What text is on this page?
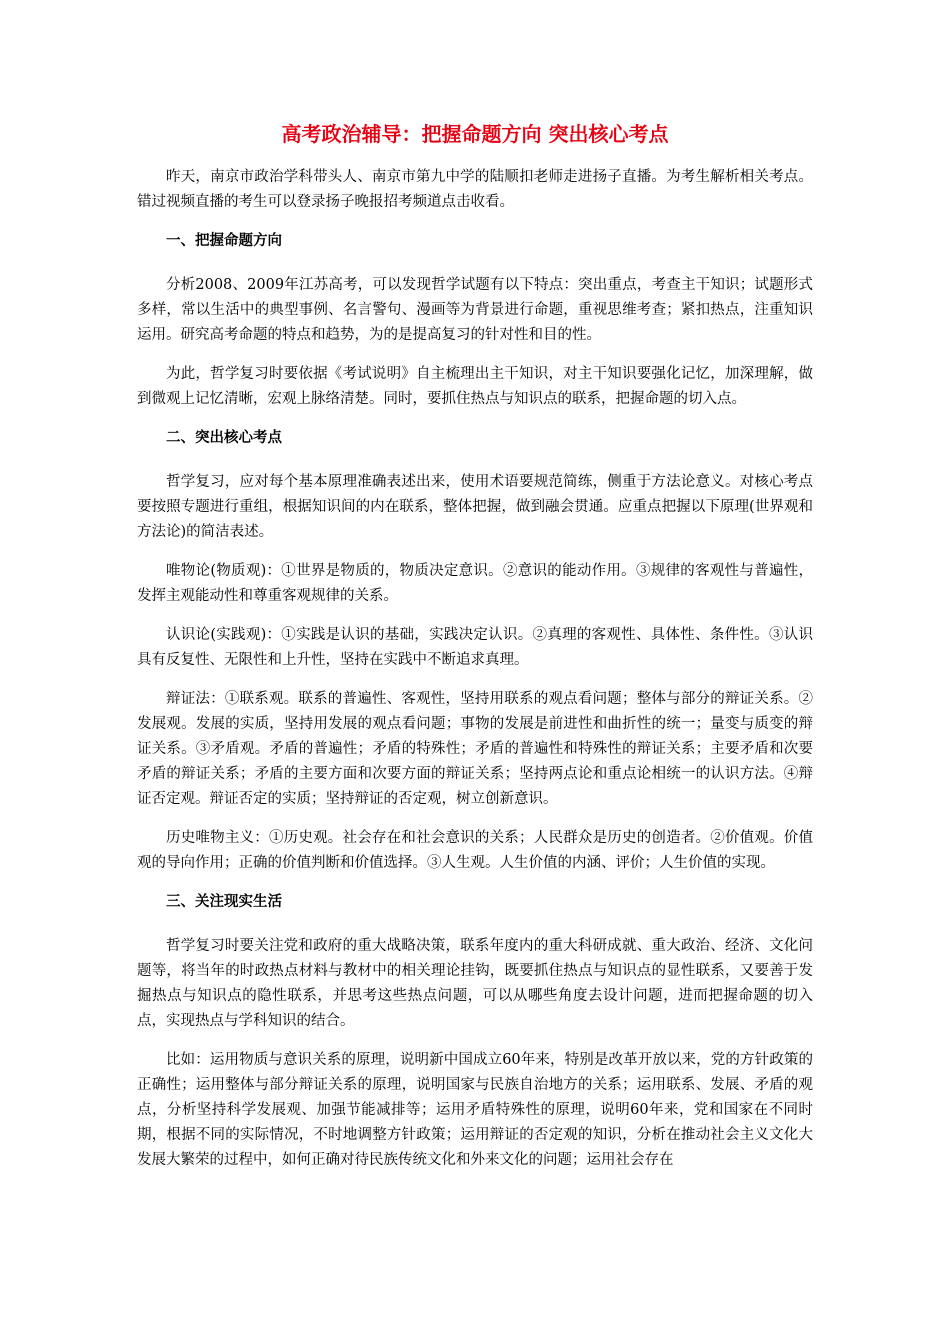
高考政治辅导：把握命题方向 突出核心考点

昨天，南京市政治学科带头人、南京市第九中学的陆顺扣老师走进扬子直播。为考生解析相关考点。错过视频直播的考生可以登录扬子晚报招考频道点击收看。

一、把握命题方向

分析2008、2009年江苏高考，可以发现哲学试题有以下特点：突出重点，考查主干知识；试题形式多样，常以生活中的典型事例、名言警句、漫画等为背景进行命题，重视思维考查；紧扣热点，注重知识运用。研究高考命题的特点和趋势，为的是提高复习的针对性和目的性。

为此，哲学复习时要依据《考试说明》自主梳理出主干知识，对主干知识要强化记忆，加深理解，做到微观上记忆清晰，宏观上脉络清楚。同时，要抓住热点与知识点的联系，把握命题的切入点。

二、突出核心考点

哲学复习，应对每个基本原理准确表述出来，使用术语要规范简练，侧重于方法论意义。对核心考点要按照专题进行重组，根据知识间的内在联系，整体把握，做到融会贯通。应重点把握以下原理(世界观和方法论)的简洁表述。

唯物论(物质观)：①世界是物质的，物质决定意识。②意识的能动作用。③规律的客观性与普遍性，发挥主观能动性和尊重客观规律的关系。

认识论(实践观)：①实践是认识的基础，实践决定认识。②真理的客观性、具体性、条件性。③认识具有反复性、无限性和上升性，坚持在实践中不断追求真理。

辩证法：①联系观。联系的普遍性、客观性，坚持用联系的观点看问题；整体与部分的辩证关系。②发展观。发展的实质，坚持用发展的观点看问题；事物的发展是前进性和曲折性的统一；量变与质变的辩证关系。③矛盾观。矛盾的普遍性；矛盾的特殊性；矛盾的普遍性和特殊性的辩证关系；主要矛盾和次要矛盾的辩证关系；矛盾的主要方面和次要方面的辩证关系；坚持两点论和重点论相统一的认识方法。④辩证否定观。辩证否定的实质；坚持辩证的否定观，树立创新意识。

历史唯物主义：①历史观。社会存在和社会意识的关系；人民群众是历史的创造者。②价值观。价值观的导向作用；正确的价值判断和价值选择。③人生观。人生价值的内涵、评价；人生价值的实现。

三、关注现实生活

哲学复习时要关注党和政府的重大战略决策，联系年度内的重大科研成就、重大政治、经济、文化问题等，将当年的时政热点材料与教材中的相关理论挂钩，既要抓住热点与知识点的显性联系，又要善于发掘热点与知识点的隐性联系，并思考这些热点问题，可以从哪些角度去设计问题，进而把握命题的切入点，实现热点与学科知识的结合。

比如：运用物质与意识关系的原理，说明新中国成立60年来，特别是改革开放以来，党的方针政策的正确性；运用整体与部分辩证关系的原理，说明国家与民族自治地方的关系；运用联系、发展、矛盾的观点，分析坚持科学发展观、加强节能减排等；运用矛盾特殊性的原理，说明60年来，党和国家在不同时期，根据不同的实际情况，不时地调整方针政策；运用辩证的否定观的知识，分析在推动社会主义文化大发展大繁荣的过程中，如何正确对待民族传统文化和外来文化的问题；运用社会存在
